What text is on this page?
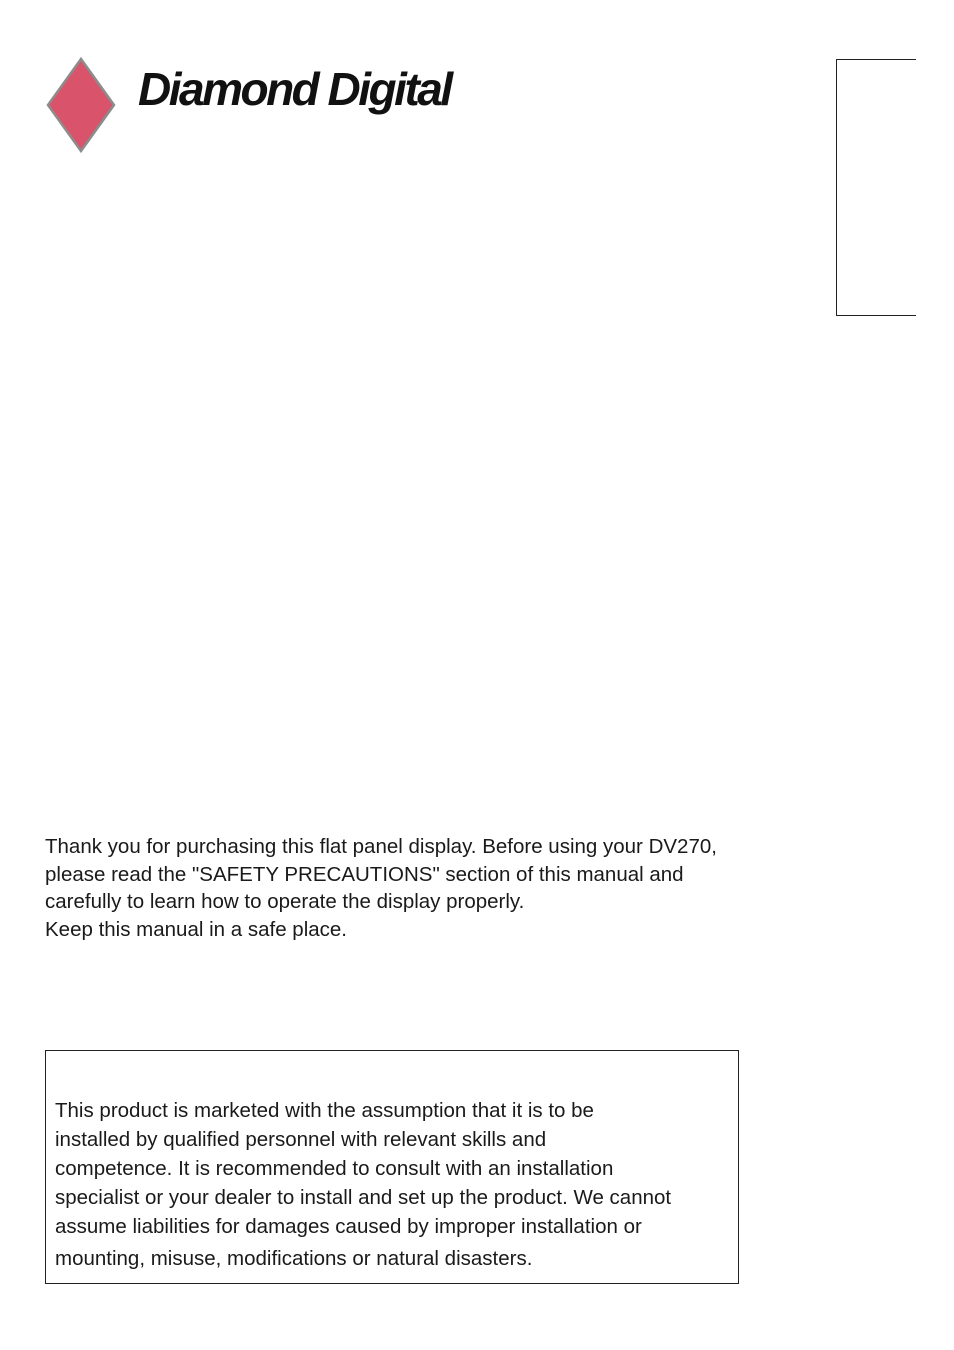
Diamond Digital

Thank you for purchasing this flat panel display. Before using your DV270,

please read the "SAFETY PRECAUTIONS" section of this manual and

carefully to learn how to operate the display properly.

Keep this manual in a safe place.

This product is marketed with the assumption that it is to be

installed by qualified personnel with relevant skills and

competence. It is recommended to consult with an installation

specialist or your dealer to install and set up the product. We cannot

assume liabilities for damages caused by improper installation or

mounting, misuse, modifications or natural disasters.
